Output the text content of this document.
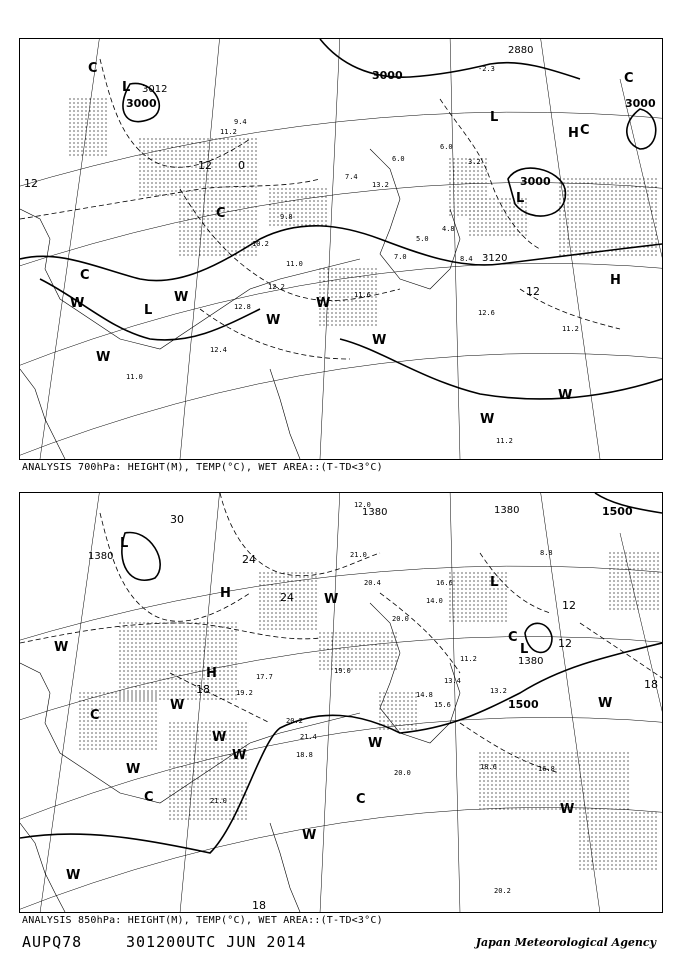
11.2
9.4
-2.3
3.2
6.0
6.0
13.2
7.4
5.0
9.8
10.2
11.0
12.2
12.8
11.6
12.6
11.2
11.0
11.2
4.8
8.4
7.0
12.4
3000
3000
3000
3000
2880
3120
3012
12
12 0
12
L
L
L
L
H
H
C
C
C
C
C
W	W
W
W
W
W
W
W
ANALYSIS 700hPa: HEIGHT(M), TEMP(°C), WET AREA::(T-TD<3°C)
12.0
21.0
20.4
14.0
16.6
20.0
19.0
20.2
21.4
14.8	13.2
15.6
13.4
11.2
18.6
20.0	16.8
8.8
20.2
21.0
19.2
18.8
17.7
1500
1500
1380
1380
1380	1380
30
24
24
18	18
12
12
18
L
L
L
H
H
C
C	C
C
W
W
W
W
W
W
W
W
W
W
W
ANALYSIS 850hPa: HEIGHT(M), TEMP(°C), WET AREA::(T-TD<3°C)
AUPQ78	301200UTC JUN 2014	Japan Meteorological Agency
